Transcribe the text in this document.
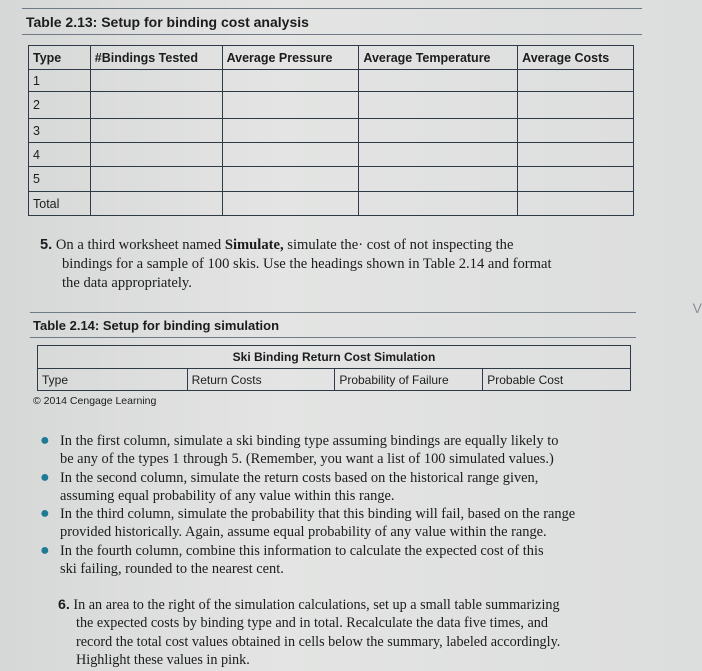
Table 2.13: Setup for binding cost analysis
Type	#Bindings Tested	Average Pressure	Average Temperature	Average Costs
1				
2				
3				
4				
5				
Total				
5. On a third worksheet named Simulate, simulate the· cost of not inspecting the
bindings for a sample of 100 skis. Use the headings shown in Table 2.14 and format
the data appropriately.
Table 2.14: Setup for binding simulation
Ski Binding Return Cost Simulation
Type	Return Costs	Probability of Failure	Probable Cost
© 2014 Cengage Learning
● In the first column, simulate a ski binding type assuming bindings are equally likely to
be any of the types 1 through 5. (Remember, you want a list of 100 simulated values.)
● In the second column, simulate the return costs based on the historical range given,
assuming equal probability of any value within this range.
● In the third column, simulate the probability that this binding will fail, based on the range
provided historically. Again, assume equal probability of any value within the range.
● In the fourth column, combine this information to calculate the expected cost of this
ski failing, rounded to the nearest cent.
6. In an area to the right of the simulation calculations, set up a small table summarizing
the expected costs by binding type and in total. Recalculate the data five times, and
record the total cost values obtained in cells below the summary, labeled accordingly.
Highlight these values in pink.
V
